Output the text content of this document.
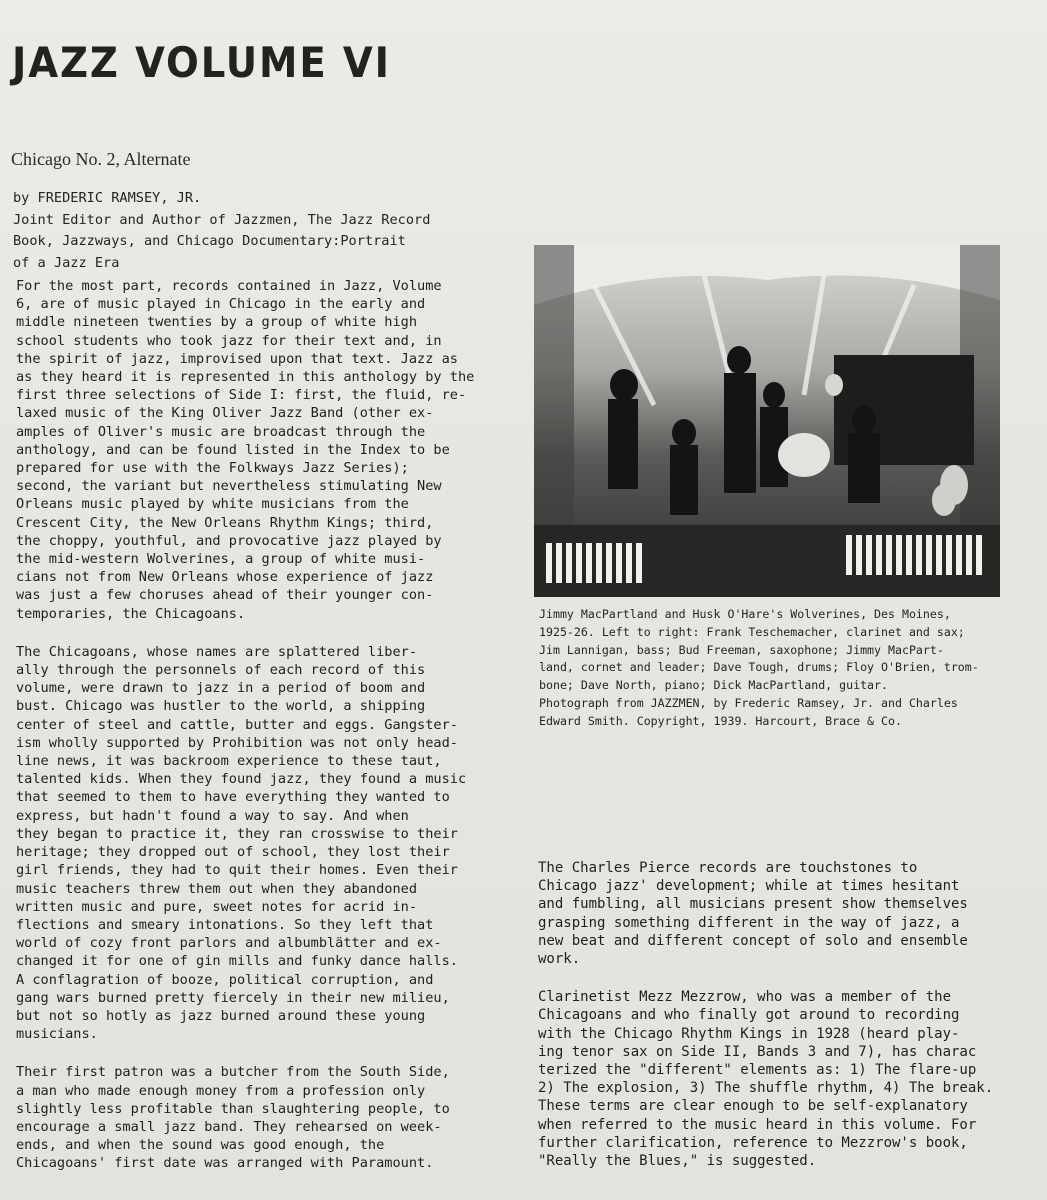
JAZZ VOLUME VI
Chicago No. 2, Alternate
by FREDERIC RAMSEY, JR.
Joint Editor and Author of Jazzmen, The Jazz Record
Book, Jazzways, and Chicago Documentary:Portrait
of a Jazz Era

For the most part, records contained in Jazz, Volume

6, are of music played in Chicago in the early and

middle nineteen twenties by a group of white high

school students who took jazz for their text and, in

the spirit of jazz, improvised upon that text. Jazz as

as they heard it is represented in this anthology by the

first three selections of Side I: first, the fluid, re-

laxed music of the King Oliver Jazz Band (other ex-

amples of Oliver's music are broadcast through the

anthology, and can be found listed in the Index to be

prepared for use with the Folkways Jazz Series);

second, the variant but nevertheless stimulating New

Orleans music played by white musicians from the

Crescent City, the New Orleans Rhythm Kings; third,

the choppy, youthful, and provocative jazz played by

the mid-western Wolverines, a group of white musi-

cians not from New Orleans whose experience of jazz

was just a few choruses ahead of their younger con-

temporaries, the Chicagoans.

The Chicagoans, whose names are splattered liber-

ally through the personnels of each record of this

volume, were drawn to jazz in a period of boom and

bust. Chicago was hustler to the world, a shipping

center of steel and cattle, butter and eggs. Gangster-

ism wholly supported by Prohibition was not only head-

line news, it was backroom experience to these taut,

talented kids. When they found jazz, they found a music

that seemed to them to have everything they wanted to

express, but hadn't found a way to say. And when

they began to practice it, they ran crosswise to their

heritage; they dropped out of school, they lost their

girl friends, they had to quit their homes. Even their

music teachers threw them out when they abandoned

written music and pure, sweet notes for acrid in-

flections and smeary intonations. So they left that

world of cozy front parlors and albumblätter and ex-

changed it for one of gin mills and funky dance halls.

A conflagration of booze, political corruption, and

gang wars burned pretty fiercely in their new milieu,

but not so hotly as jazz burned around these young

musicians.

Their first patron was a butcher from the South Side,

a man who made enough money from a profession only

slightly less profitable than slaughtering people, to

encourage a small jazz band. They rehearsed on week-

ends, and when the sound was good enough, the

Chicagoans' first date was arranged with Paramount.

Jimmy MacPartland and Husk O'Hare's Wolverines, Des Moines,

1925-26. Left to right: Frank Teschemacher, clarinet and sax;

Jim Lannigan, bass; Bud Freeman, saxophone; Jimmy MacPart-

land, cornet and leader; Dave Tough, drums; Floy O'Brien, trom-

bone; Dave North, piano; Dick MacPartland, guitar.

Photograph from JAZZMEN, by Frederic Ramsey, Jr. and Charles

Edward Smith. Copyright, 1939. Harcourt, Brace & Co.

The Charles Pierce records are touchstones to

Chicago jazz' development; while at times hesitant

and fumbling, all musicians present show themselves

grasping something different in the way of jazz, a

new beat and different concept of solo and ensemble

work.

Clarinetist Mezz Mezzrow, who was a member of the

Chicagoans and who finally got around to recording

with the Chicago Rhythm Kings in 1928 (heard play-

ing tenor sax on Side II, Bands 3 and 7), has charac

terized the "different" elements as: 1) The flare-up

2) The explosion, 3) The shuffle rhythm, 4) The break.

These terms are clear enough to be self-explanatory

when referred to the music heard in this volume. For

further clarification, reference to Mezzrow's book,

"Really the Blues," is suggested.
